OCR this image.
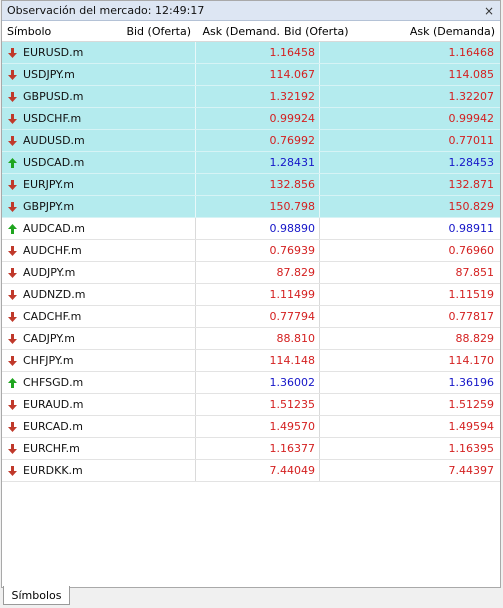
Observación del mercado: 12:49:17	×
Símbolo	Bid (Oferta)	Ask (Demand. Bid (Oferta)	Ask (Demanda)
EURUSD.m	1.16458	1.16468
USDJPY.m	114.067	114.085
GBPUSD.m	1.32192	1.32207
USDCHF.m	0.99924	0.99942
AUDUSD.m	0.76992	0.77011
USDCAD.m	1.28431	1.28453
EURJPY.m	132.856	132.871
GBPJPY.m	150.798	150.829
AUDCAD.m	0.98890	0.98911
AUDCHF.m	0.76939	0.76960
AUDJPY.m	87.829	87.851
AUDNZD.m	1.11499	1.11519
CADCHF.m	0.77794	0.77817
CADJPY.m	88.810	88.829
CHFJPY.m	114.148	114.170
CHFSGD.m	1.36002	1.36196
EURAUD.m	1.51235	1.51259
EURCAD.m	1.49570	1.49594
EURCHF.m	1.16377	1.16395
EURDKK.m	7.44049	7.44397
Símbolos
